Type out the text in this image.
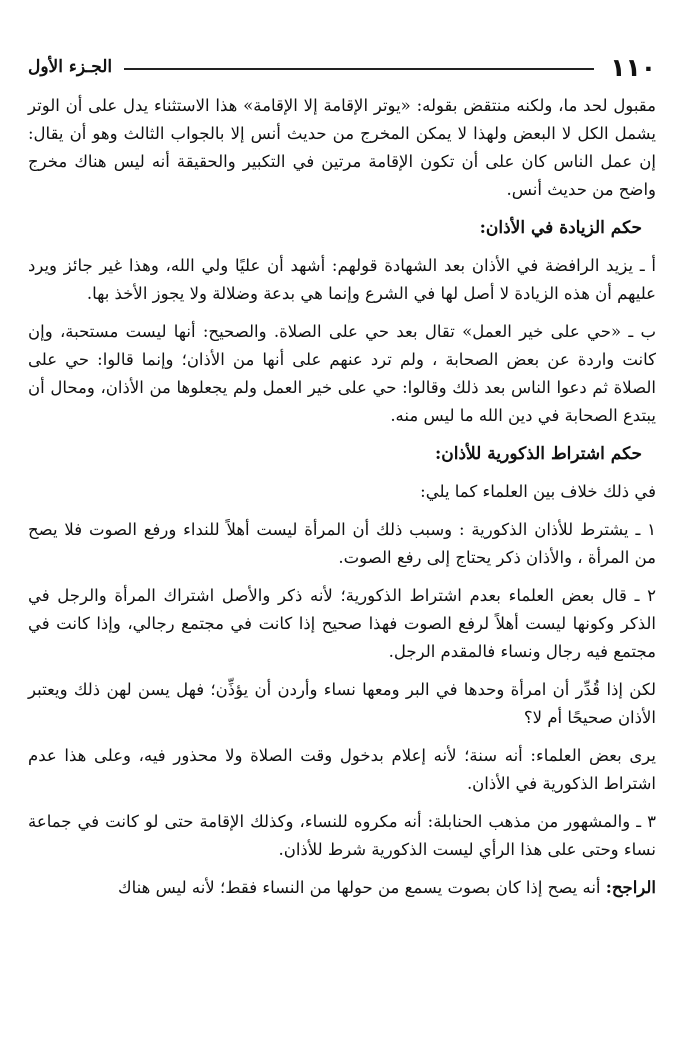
١١٠
الجـزء الأول

مقبول لحد ما، ولكنه منتقض بقوله: «يوتر الإقامة إلا الإقامة» هذا الاستثناء يدل على أن الوتر يشمل الكل لا البعض ولهذا لا يمكن المخرج من حديث أنس إلا بالجواب الثالث وهو أن يقال: إن عمل الناس كان على أن تكون الإقامة مرتين في التكبير والحقيقة أنه ليس هناك مخرج واضح من حديث أنس.

حكم الزيادة في الأذان:

أ ـ يزيد الرافضة في الأذان بعد الشهادة قولهم: أشهد أن عليًا ولي الله، وهذا غير جائز ويرد عليهم أن هذه الزيادة لا أصل لها في الشرع وإنما هي بدعة وضلالة ولا يجوز الأخذ بها.

ب ـ «حي على خير العمل» تقال بعد حي على الصلاة. والصحيح: أنها ليست مستحبة، وإن كانت واردة عن بعض الصحابة ، ولم ترد عنهم على أنها من الأذان؛ وإنما قالوا: حي على الصلاة ثم دعوا الناس بعد ذلك وقالوا: حي على خير العمل ولم يجعلوها من الأذان، ومحال أن يبتدع الصحابة في دين الله ما ليس منه.

حكم اشتراط الذكورية للأذان:

في ذلك خلاف بين العلماء كما يلي:

١ ـ يشترط للأذان الذكورية : وسبب ذلك أن المرأة ليست أهلاً للنداء ورفع الصوت فلا يصح من المرأة ، والأذان ذكر يحتاج إلى رفع الصوت.

٢ ـ قال بعض العلماء بعدم اشتراط الذكورية؛ لأنه ذكر والأصل اشتراك المرأة والرجل في الذكر وكونها ليست أهلاً لرفع الصوت فهذا صحيح إذا كانت في مجتمع رجالي، وإذا كانت في مجتمع فيه رجال ونساء فالمقدم الرجل.

لكن إذا قُدِّر أن امرأة وحدها في البر ومعها نساء وأردن أن يؤذِّن؛ فهل يسن لهن ذلك ويعتبر الأذان صحيحًا أم لا؟

يرى بعض العلماء: أنه سنة؛ لأنه إعلام بدخول وقت الصلاة ولا محذور فيه، وعلى هذا عدم اشتراط الذكورية في الأذان.

٣ ـ والمشهور من مذهب الحنابلة: أنه مكروه للنساء، وكذلك الإقامة حتى لو كانت في جماعة نساء وحتى على هذا الرأي ليست الذكورية شرط للأذان.

الراجح: أنه يصح إذا كان بصوت يسمع من حولها من النساء فقط؛ لأنه ليس هناك
